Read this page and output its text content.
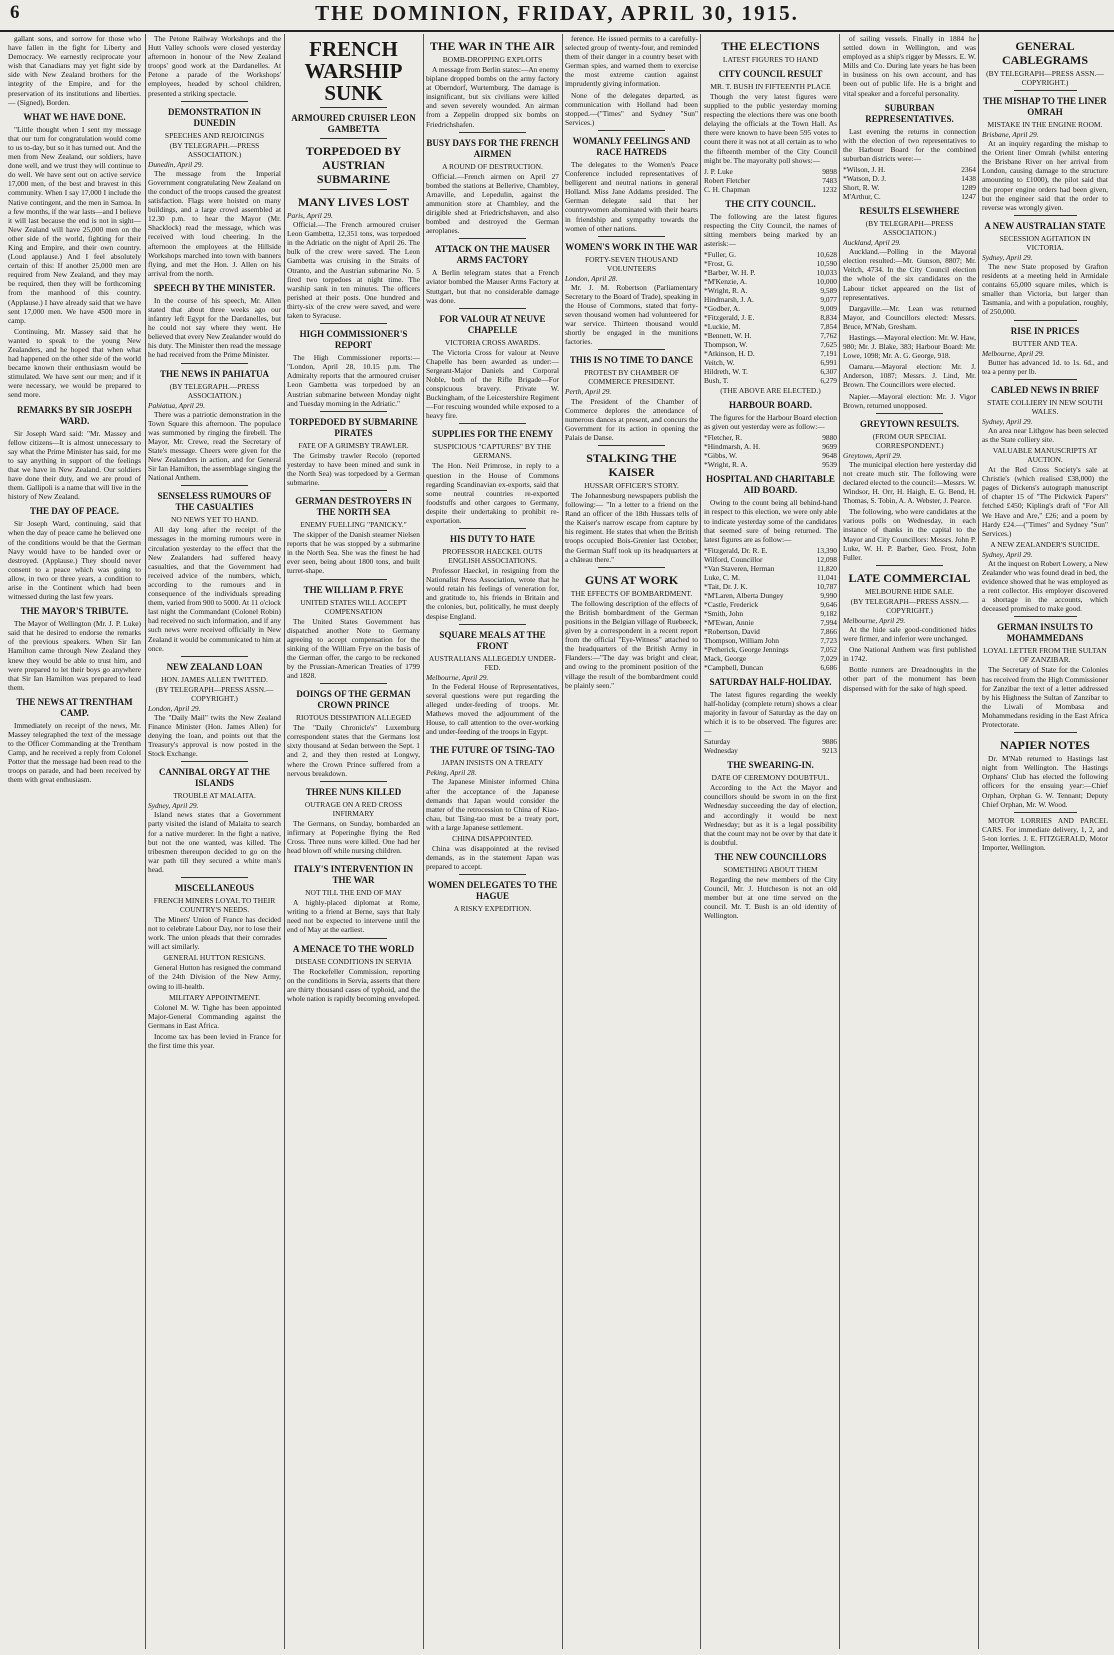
6	THE DOMINION, FRIDAY, APRIL 30, 1915.

gallant sons, and sorrow for those who have fallen in the fight for Liberty and Democracy. We earnestly reciprocate your wish that Canadians may yet fight side by side with New Zealand brothers for the integrity of the Empire, and for the preservation of its institutions and liberties.— (Signed), Borden.

WHAT WE HAVE DONE.

"Little thought when I sent my message that our turn for congratulation would come to us to-day, but so it has turned out. And the men from New Zealand, our soldiers, have done well, and we trust they will continue to do well. We have sent out on active service 17,000 men, of the best and bravest in this community. When I say 17,000 I include the Native contingent, and the men in Samoa. In a few months, if the war lasts—and I believe it will last because the end is not in sight—New Zealand will have 25,000 men on the other side of the world, fighting for their King and Empire, and their own country. (Loud applause.) And I feel absolutely certain of this: If another 25,000 men are required from New Zealand, and they may be required, then they will be forthcoming from the manhood of this country. (Applause.) I have already said that we have sent 17,000 men. We have 4500 more in camp.

Continuing, Mr. Massey said that he wanted to speak to the young New Zealanders, and he hoped that when what had happened on the other side of the world became known their enthusiasm would be stimulated. We have sent our men; and if it were necessary, we would be prepared to send more.

REMARKS BY SIR JOSEPH WARD.

Sir Joseph Ward said: "Mr. Massey and fellow citizens—It is almost unnecessary to say what the Prime Minister has said, for me to say anything in support of the feelings that we have in New Zealand. Our soldiers have done their duty, and we are proud of them. Gallipoli is a name that will live in the history of New Zealand.

THE DAY OF PEACE.

Sir Joseph Ward, continuing, said that when the day of peace came he believed one of the conditions would be that the German Navy would have to be handed over or destroyed. (Applause.) They should never consent to a peace which was going to allow, in two or three years, a condition to arise in the Continent which had been witnessed during the last few years.

THE MAYOR'S TRIBUTE.

The Mayor of Wellington (Mr. J. P. Luke) said that he desired to endorse the remarks of the previous speakers. When Sir Ian Hamilton came through New Zealand they knew they would be able to trust him, and were prepared to let their boys go anywhere that Sir Ian Hamilton was prepared to lead them.

THE NEWS AT TRENTHAM CAMP.

Immediately on receipt of the news, Mr. Massey telegraphed the text of the message to the Officer Commanding at the Trentham Camp, and he received a reply from Colonel Potter that the message had been read to the troops on parade, and had been received by them with great enthusiasm.

The Petone Railway Workshops and the Hutt Valley schools were closed yesterday afternoon in honour of the New Zealand troops' good work at the Dardanelles. At Petone a parade of the Workshops' employees, headed by school children, presented a striking spectacle.

DEMONSTRATION IN DUNEDIN
SPEECHES AND REJOICINGS
(BY TELEGRAPH.—PRESS ASSOCIATION.)

Dunedin, April 29.

The message from the Imperial Government congratulating New Zealand on the conduct of the troops caused the greatest satisfaction. Flags were hoisted on many buildings, and a large crowd assembled at 12.30 p.m. to hear the Mayor (Mr. Shacklock) read the message, which was received with loud cheering. In the afternoon the employees at the Hillside Workshops marched into town with banners flying, and met the Hon. J. Allen on his arrival from the north.

SPEECH BY THE MINISTER.

In the course of his speech, Mr. Allen stated that about three weeks ago our infantry left Egypt for the Dardanelles, but he could not say where they went. He believed that every New Zealander would do his duty. The Minister then read the message he had received from the Prime Minister.

THE NEWS IN PAHIATUA
(BY TELEGRAPH.—PRESS ASSOCIATION.)

Pahiatua, April 29.

There was a patriotic demonstration in the Town Square this afternoon. The populace was summoned by ringing the firebell. The Mayor, Mr. Crewe, read the Secretary of State's message. Cheers were given for the New Zealanders in action, and for General Sir Ian Hamilton, the assemblage singing the National Anthem.

SENSELESS RUMOURS OF THE CASUALTIES
NO NEWS YET TO HAND.

All day long after the receipt of the messages in the morning rumours were in circulation yesterday to the effect that the New Zealanders had suffered heavy casualties, and that the Government had received advice of the numbers, which, according to the rumours and in consequence of the individuals spreading them, varied from 900 to 5000. At 11 o'clock last night the Commandant (Colonel Robin) had received no such information, and if any such news were received officially in New Zealand it would be communicated to him at once.

NEW ZEALAND LOAN
HON. JAMES ALLEN TWITTED.
(BY TELEGRAPH—PRESS ASSN.—COPYRIGHT.)

London, April 29.

The "Daily Mail" twits the New Zealand Finance Minister (Hon. James Allen) for denying the loan, and points out that the Treasury's approval is now posted in the Stock Exchange.

CANNIBAL ORGY AT THE ISLANDS
TROUBLE AT MALAITA.

Sydney, April 29.

Island news states that a Government party visited the island of Malaita to search for a native murderer. In the fight a native, but not the one wanted, was killed. The tribesmen thereupon decided to go on the war path till they secured a white man's head.

MISCELLANEOUS
FRENCH MINERS LOYAL TO THEIR COUNTRY'S NEEDS.

The Miners' Union of France has decided not to celebrate Labour Day, nor to lose their work. The union pleads that their comrades will act similarly.

GENERAL HUTTON RESIGNS.

General Hutton has resigned the command of the 24th Division of the New Army, owing to ill-health.

MILITARY APPOINTMENT.

Colonel M. W. Tighe has been appointed Major-General Commanding against the Germans in East Africa.

Income tax has been levied in France for the first time this year.

FRENCH WARSHIP SUNK
ARMOURED CRUISER LEON GAMBETTA
TORPEDOED BY AUSTRIAN SUBMARINE
MANY LIVES LOST

Paris, April 29.

Official.—The French armoured cruiser Leon Gambetta, 12,351 tons, was torpedoed in the Adriatic on the night of April 26. The bulk of the crew were saved. The Leon Gambetta was cruising in the Straits of Otranto, and the Austrian submarine No. 5 fired two torpedoes at night time. The warship sank in ten minutes. The officers perished at their posts. One hundred and thirty-six of the crew were saved, and were taken to Syracuse.

HIGH COMMISSIONER'S REPORT

The High Commissioner reports:— "London, April 28, 10.15 p.m. The Admiralty reports that the armoured cruiser Leon Gambetta was torpedoed by an Austrian submarine between Monday night and Tuesday morning in the Adriatic."

TORPEDOED BY SUBMARINE PIRATES
FATE OF A GRIMSBY TRAWLER.

The Grimsby trawler Recolo (reported yesterday to have been mined and sunk in the North Sea) was torpedoed by a German submarine.

GERMAN DESTROYERS IN THE NORTH SEA
ENEMY FUELLING "PANICKY."

The skipper of the Danish steamer Nielsen reports that he was stopped by a submarine in the North Sea. She was the finest he had ever seen, being about 1800 tons, and built turret-shape.

THE WILLIAM P. FRYE
UNITED STATES WILL ACCEPT COMPENSATION

The United States Government has dispatched another Note to Germany agreeing to accept compensation for the sinking of the William Frye on the basis of the German offer, the cargo to be reckoned by the Prussian-American Treaties of 1799 and 1828.

DOINGS OF THE GERMAN CROWN PRINCE
RIOTOUS DISSIPATION ALLEGED

The "Daily Chronicle's" Luxemburg correspondent states that the Germans lost sixty thousand at Sedan between the Sept. 1 and 2, and they then rested at Longwy, where the Crown Prince suffered from a nervous breakdown.

THREE NUNS KILLED
OUTRAGE ON A RED CROSS INFIRMARY

The Germans, on Sunday, bombarded an infirmary at Poperinghe flying the Red Cross. Three nuns were killed. One had her head blown off while nursing children.

ITALY'S INTERVENTION IN THE WAR
NOT TILL THE END OF MAY

A highly-placed diplomat at Rome, writing to a friend at Berne, says that Italy need not be expected to intervene until the end of May at the earliest.

A MENACE TO THE WORLD
DISEASE CONDITIONS IN SERVIA

The Rockefeller Commission, reporting on the conditions in Servia, asserts that there are thirty thousand cases of typhoid, and the whole nation is rapidly becoming enveloped.

THE WAR IN THE AIR
BOMB-DROPPING EXPLOITS

A message from Berlin states:—An enemy biplane dropped bombs on the army factory at Oberndorf, Wurtemburg. The damage is insignificant, but six civilians were killed and seven severely wounded. An airman from a Zeppelin dropped six bombs on Friedrichshafen.

BUSY DAYS FOR THE FRENCH AIRMEN
A ROUND OF DESTRUCTION.

Official.—French airmen on April 27 bombed the stations at Bellerive, Chambley, Arnaville, and Lepedulin, against the ammunition store at Chambley, and the dirigible shed at Friedrichshaven, and also bombed and destroyed the German aeroplanes.

ATTACK ON THE MAUSER ARMS FACTORY

A Berlin telegram states that a French aviator bombed the Mauser Arms Factory at Stuttgart, but that no considerable damage was done.

FOR VALOUR AT NEUVE CHAPELLE
VICTORIA CROSS AWARDS.

The Victoria Cross for valour at Neuve Chapelle has been awarded as under:—Sergeant-Major Daniels and Corporal Noble, both of the Rifle Brigade—For conspicuous bravery. Private W. Buckingham, of the Leicestershire Regiment—For rescuing wounded while exposed to a heavy fire.

SUPPLIES FOR THE ENEMY
SUSPICIOUS "CAPTURES" BY THE GERMANS.

The Hon. Neil Primrose, in reply to a question in the House of Commons regarding Scandinavian ex-exports, said that some neutral countries re-exported foodstuffs and other cargoes to Germany, despite their undertaking to prohibit re-exportation.

HIS DUTY TO HATE
PROFESSOR HAECKEL OUTS ENGLISH ASSOCIATIONS.

Professor Haeckel, in resigning from the Nationalist Press Association, wrote that he would retain his feelings of veneration for, and gratitude to, his friends in Britain and the colonies, but, politically, he must deeply despise England.

SQUARE MEALS AT THE FRONT
AUSTRALIANS ALLEGEDLY UNDER-FED.

Melbourne, April 29.

In the Federal House of Representatives, several questions were put regarding the alleged under-feeding of troops. Mr. Mathews moved the adjournment of the House, to call attention to the over-working and under-feeding of the troops in Egypt.

THE FUTURE OF TSING-TAO
JAPAN INSISTS ON A TREATY

Peking, April 28.

The Japanese Minister informed China after the acceptance of the Japanese demands that Japan would consider the matter of the retrocession to China of Kiao-chau, but Tsing-tao must be a treaty port, with a large Japanese settlement.

CHINA DISAPPOINTED.

China was disappointed at the revised demands, as in the statement Japan was prepared to accept.

WOMEN DELEGATES TO THE HAGUE
A RISKY EXPEDITION.

ference. He issued permits to a carefully-selected group of twenty-four, and reminded them of their danger in a country beset with German spies, and warned them to exercise the most extreme caution against imprudently giving information.

None of the delegates departed, as communication with Holland had been stopped.—("Times" and Sydney "Sun" Services.)

WOMANLY FEELINGS AND RACE HATREDS

The delegates to the Women's Peace Conference included representatives of belligerent and neutral nations in general Holland. Miss Jane Addams presided. The German delegate said that her countrywomen abominated with their hearts in friendship and sympathy towards the women of other nations.

WOMEN'S WORK IN THE WAR
FORTY-SEVEN THOUSAND VOLUNTEERS

London, April 28.

Mr. J. M. Robertson (Parliamentary Secretary to the Board of Trade), speaking in the House of Commons, stated that forty-seven thousand women had volunteered for war service. Thirteen thousand would shortly be engaged in the munitions factories.

THIS IS NO TIME TO DANCE
PROTEST BY CHAMBER OF COMMERCE PRESIDENT.

Perth, April 29.

The President of the Chamber of Commerce deplores the attendance of numerous dances at present, and concurs the Government for its action in opening the Palais de Danse.

STALKING THE KAISER
HUSSAR OFFICER'S STORY.

The Johannesburg newspapers publish the following:— "In a letter to a friend on the Rand an officer of the 18th Hussars tells of the Kaiser's narrow escape from capture by his regiment. He states that when the British troops occupied Bois-Grenier last October, the German Staff took up its headquarters at a château there."

GUNS AT WORK
THE EFFECTS OF BOMBARDMENT.

The following description of the effects of the British bombardment of the German positions in the Belgian village of Ruebeeck, given by a correspondent in a recent report from the official "Eye-Witness" attached to the headquarters of the British Army in Flanders:—"The day was bright and clear, and owing to the prominent position of the village the result of the bombardment could be plainly seen."

THE ELECTIONS
LATEST FIGURES TO HAND
CITY COUNCIL RESULT
MR. T. BUSH IN FIFTEENTH PLACE

Though the very latest figures were supplied to the public yesterday morning respecting the elections there was one booth delaying the officials at the Town Hall. As there were known to have been 595 votes to count there it was not at all certain as to who the fifteenth member of the City Council might be. The mayoralty poll shows:—

J. P. Luke	9898
Robert Fletcher	7483
C. H. Chapman	1232
THE CITY COUNCIL.

The following are the latest figures respecting the City Council, the names of sitting members being marked by an asterisk:—

*Fuller, G.	10,628
*Frost, G.	10,590
*Barber, W. H. P.	10,033
*M'Kenzie, A.	10,000
*Wright, R. A.	9,589
Hindmarsh, J. A.	9,077
*Godber, A.	9,009
*Fitzgerald, J. E.	8,834
*Luckie, M.	7,854
*Bennett, W. H.	7,762
Thompson, W.	7,625
*Atkinson, H. D.	7,191
Veitch, W.	6,991
Hildreth, W. T.	6,307
Bush, T.	6,279
(THE ABOVE ARE ELECTED.)
HARBOUR BOARD.

The figures for the Harbour Board election as given out yesterday were as follow:—

*Fletcher, R.	9880
*Hindmarsh, A. H.	9699
*Gibbs, W.	9648
*Wright, R. A.	9539
HOSPITAL AND CHARITABLE AID BOARD.

Owing to the count being all behind-hand in respect to this election, we were only able to indicate yesterday some of the candidates that seemed sure of being returned. The latest figures are as follow:—

*Fitzgerald, Dr. R. E.	13,390
Wilford, Councillor	12,098
*Van Staveren, Herman	11,820
Luke, C. M.	11,041
*Tait, Dr. J. K.	10,787
*M'Laren, Alberta Dungey	9,990
*Castle, Frederick	9,646
*Smith, John	9,182
*M'Ewan, Annie	7,994
*Robertson, David	7,866
Thompson, William John	7,723
*Petherick, George Jennings	7,052
Mack, George	7,029
*Campbell, Duncan	6,686
SATURDAY HALF-HOLIDAY.

The latest figures regarding the weekly half-holiday (complete return) shows a clear majority in favour of Saturday as the day on which it is to be observed. The figures are:—

Saturday	9886
Wednesday	9213
THE SWEARING-IN.
DATE OF CEREMONY DOUBTFUL.

According to the Act the Mayor and councillors should be sworn in on the first Wednesday succeeding the day of election, and accordingly it would be next Wednesday; but as it is a legal possibility that the count may not be over by that date it is doubtful.

THE NEW COUNCILLORS
SOMETHING ABOUT THEM

Regarding the new members of the City Council, Mr. J. Hutcheson is not an old member but at one time served on the council. Mr. T. Bush is an old identity of Wellington.

of sailing vessels. Finally in 1884 he settled down in Wellington, and was employed as a ship's rigger by Messrs. E. W. Mills and Co. During late years he has been in business on his own account, and has been out of public life. He is a bright and vital speaker and a forceful personality.

SUBURBAN REPRESENTATIVES.

Last evening the returns in connection with the election of two representatives to the Harbour Board for the combined suburban districts were:—

*Wilson, J. H.	2364
*Watson, D. J.	1438
Short, R. W.	1289
M'Arthur, C.	1247
RESULTS ELSEWHERE
(BY TELEGRAPH—PRESS ASSOCIATION.)

Auckland, April 29.

Auckland.—Polling in the Mayoral election resulted:—Mr. Gunson, 8807; Mr. Veitch, 4734. In the City Council election the whole of the six candidates on the Labour ticket appeared on the list of representatives.

Dargaville.—Mr. Lean was returned Mayor, and Councillors elected: Messrs. Bruce, M'Nab, Gresham.

Hastings.—Mayoral election: Mr. W. Haw, 980; Mr. J. Blake, 383; Harbour Board: Mr. Lowe, 1098; Mr. A. G. George, 918.

Oamaru.—Mayoral election: Mr. J. Anderson, 1087; Messrs. J. Lind, Mr. Brown. The Councillors were elected.

Napier.—Mayoral election: Mr. J. Vigor Brown, returned unopposed.

GREYTOWN RESULTS.
(FROM OUR SPECIAL CORRESPONDENT.)

Greytown, April 29.

The municipal election here yesterday did not create much stir. The following were declared elected to the council:—Messrs. W. Windsor, H. Orr, H. Haigh, E. G. Bend, H. Thomas, S. Tobin, A. A. Webster, J. Pearce.

The following, who were candidates at the various polls on Wednesday, in each instance of thanks in the capital to the Mayor and City Councillors: Messrs. John P. Luke, W. H. P. Barber, Geo. Frost, John Fuller.

LATE COMMERCIAL
MELBOURNE HIDE SALE.
(BY TELEGRAPH—PRESS ASSN.—COPYRIGHT.)

Melbourne, April 29.

At the hide sale good-conditioned hides were firmer, and inferior were unchanged.

One National Anthem was first published in 1742.

Bottle runners are Dreadnoughts in the other part of the monument has been dispensed with for the sake of high speed.

GENERAL CABLEGRAMS
(BY TELEGRAPH—PRESS ASSN.—COPYRIGHT.)
THE MISHAP TO THE LINER OMRAH
MISTAKE IN THE ENGINE ROOM.

Brisbane, April 29.

At an inquiry regarding the mishap to the Orient liner Omrah (whilst entering the Brisbane River on her arrival from London, causing damage to the structure amounting to £1000), the pilot said that the proper engine orders had been given, but the engineer said that the order to reverse was wrongly given.

A NEW AUSTRALIAN STATE
SECESSION AGITATION IN VICTORIA.

Sydney, April 29.

The new State proposed by Grafton residents at a meeting held in Armidale contains 65,000 square miles, which is smaller than Victoria, but larger than Tasmania, and with a population, roughly, of 250,000.

RISE IN PRICES
BUTTER AND TEA.

Melbourne, April 29.

Butter has advanced 1d. to 1s. 6d., and tea a penny per lb.

CABLED NEWS IN BRIEF
STATE COLLIERY IN NEW SOUTH WALES.

Sydney, April 29.

An area near Lithgow has been selected as the State colliery site.

VALUABLE MANUSCRIPTS AT AUCTION.

At the Red Cross Society's sale at Christie's (which realised £38,000) the pages of Dickens's autograph manuscript of chapter 15 of "The Pickwick Papers" fetched £450; Kipling's draft of "For All We Have and Are," £26; and a poem by Hardy £24.—("Times" and Sydney "Sun" Services.)

A NEW ZEALANDER'S SUICIDE.

Sydney, April 29.

At the inquest on Robert Lowery, a New Zealander who was found dead in bed, the evidence showed that he was employed as a rent collector. His employer discovered a shortage in the accounts, which deceased promised to make good.

GERMAN INSULTS TO MOHAMMEDANS
LOYAL LETTER FROM THE SULTAN OF ZANZIBAR.

The Secretary of State for the Colonies has received from the High Commissioner for Zanzibar the text of a letter addressed by his Highness the Sultan of Zanzibar to the Liwali of Mombasa and Mohammedans residing in the East Africa Protectorate.

NAPIER NOTES

Dr. M'Nab returned to Hastings last night from Wellington. The Hastings Orphans' Club has elected the following officers for the ensuing year:—Chief Orphan, Orphan G. W. Tennant; Deputy Chief Orphan, Mr. W. Wood.

MOTOR LORRIES AND PARCEL CARS. For immediate delivery, 1, 2, and 5-ton lorries. J. E. FITZGERALD, Motor Importer, Wellington.
